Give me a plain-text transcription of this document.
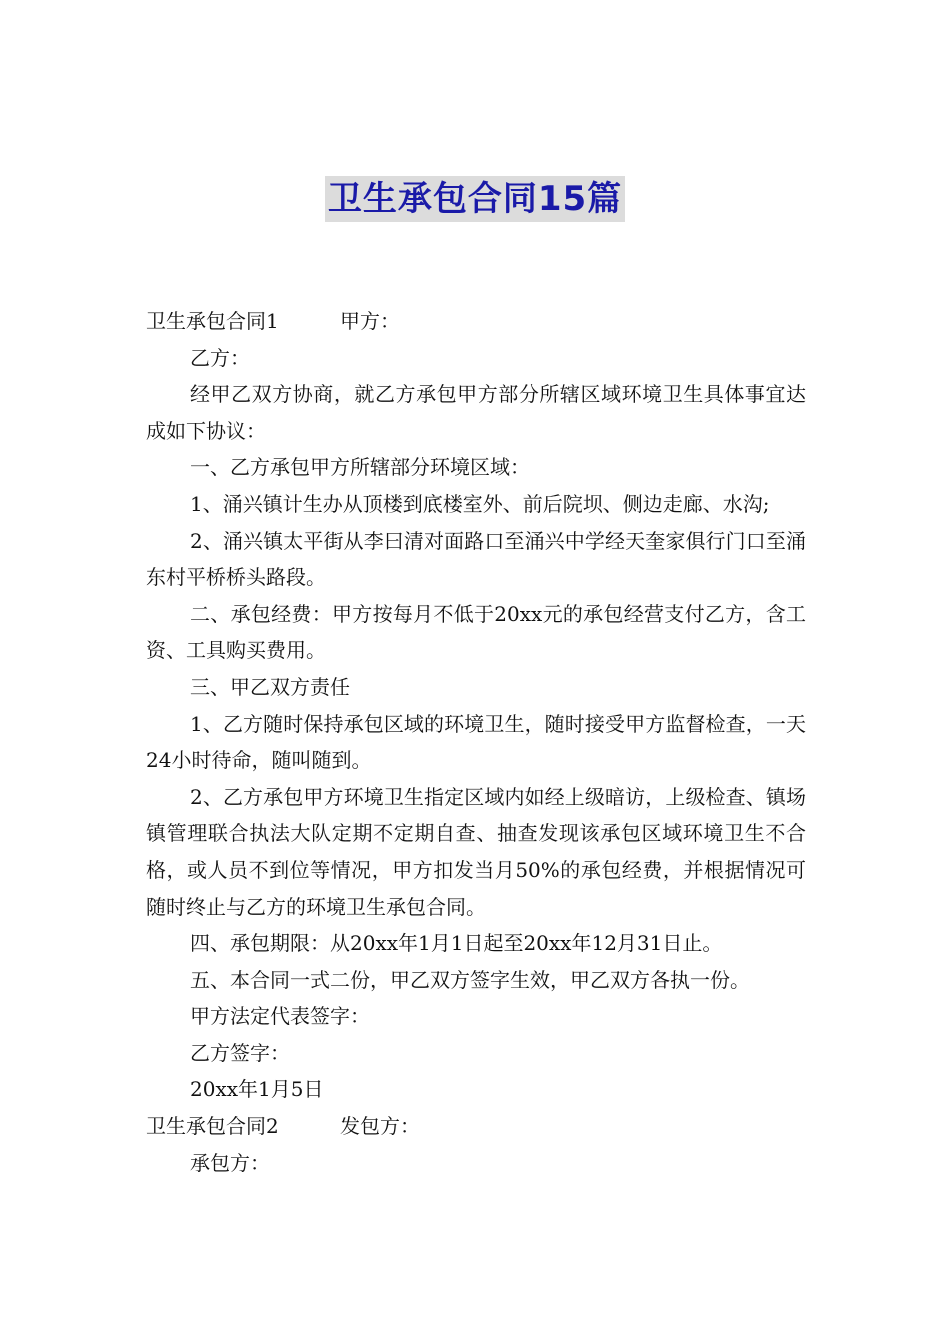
卫生承包合同15篇

卫生承包合同1	甲方：

乙方：

经甲乙双方协商，就乙方承包甲方部分所辖区域环境卫生具体事宜达成如下协议：

一、乙方承包甲方所辖部分环境区域：

1、涌兴镇计生办从顶楼到底楼室外、前后院坝、侧边走廊、水沟;

2、涌兴镇太平街从李曰清对面路口至涌兴中学经天奎家俱行门口至涌东村平桥桥头路段。

二、承包经费：甲方按每月不低于20xx元的承包经营支付乙方，含工资、工具购买费用。

三、甲乙双方责任

1、乙方随时保持承包区域的环境卫生，随时接受甲方监督检查，一天24小时待命，随叫随到。

2、乙方承包甲方环境卫生指定区域内如经上级暗访，上级检查、镇场镇管理联合执法大队定期不定期自查、抽查发现该承包区域环境卫生不合格，或人员不到位等情况，甲方扣发当月50%的承包经费，并根据情况可随时终止与乙方的环境卫生承包合同。

四、承包期限：从20xx年1月1日起至20xx年12月31日止。

五、本合同一式二份，甲乙双方签字生效，甲乙双方各执一份。

甲方法定代表签字：

乙方签字：

20xx年1月5日

卫生承包合同2	发包方：

承包方：
